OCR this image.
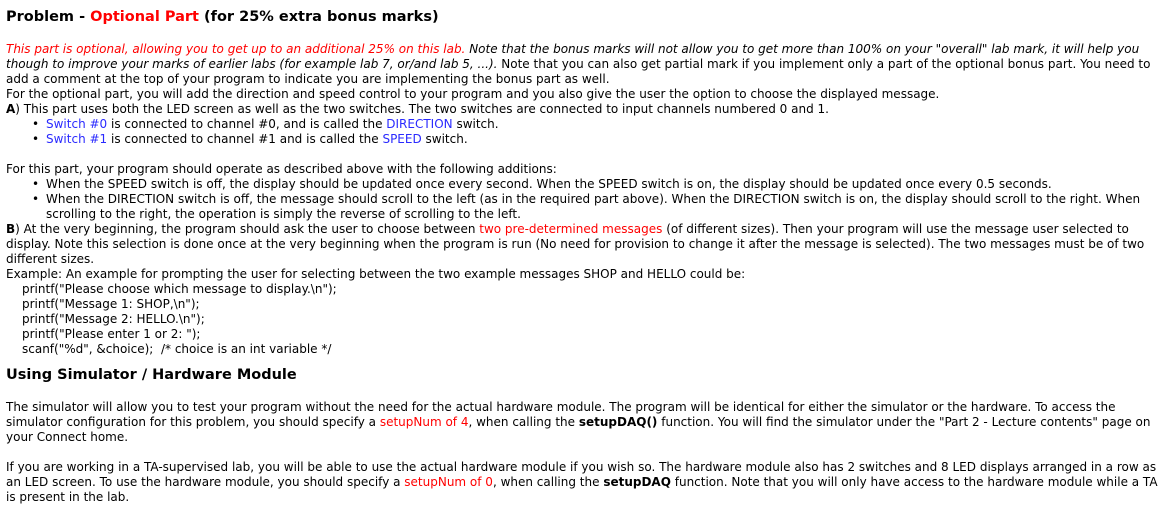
Problem - Optional Part (for 25% extra bonus marks)

This part is optional, allowing you to get up to an additional 25% on this lab. Note that the bonus marks will not allow you to get more than 100% on your "overall" lab mark, it will help you though to improve your marks of earlier labs (for example lab 7, or/and lab 5, ...). Note that you can also get partial mark if you implement only a part of the optional bonus part. You need to add a comment at the top of your program to indicate you are implementing the bonus part as well.

For the optional part, you will add the direction and speed control to your program and you also give the user the option to choose the displayed message.

A) This part uses both the LED screen as well as the two switches. The two switches are connected to input channels numbered 0 and 1.

• Switch #0 is connected to channel #0, and is called the DIRECTION switch.
• Switch #1 is connected to channel #1 and is called the SPEED switch.

For this part, your program should operate as described above with the following additions:

• When the SPEED switch is off, the display should be updated once every second. When the SPEED switch is on, the display should be updated once every 0.5 seconds.
• When the DIRECTION switch is off, the message should scroll to the left (as in the required part above). When the DIRECTION switch is on, the display should scroll to the right. When scrolling to the right, the operation is simply the reverse of scrolling to the left.

B) At the very beginning, the program should ask the user to choose between two pre-determined messages (of different sizes). Then your program will use the message user selected to display. Note this selection is done once at the very beginning when the program is run (No need for provision to change it after the message is selected). The two messages must be of two different sizes.

Example: An example for prompting the user for selecting between the two example messages SHOP and HELLO could be:

printf("Please choose which message to display.\n");
printf("Message 1: SHOP,\n");
printf("Message 2: HELLO.\n");
printf("Please enter 1 or 2: ");
scanf("%d", &choice);  /* choice is an int variable */
Using Simulator / Hardware Module

The simulator will allow you to test your program without the need for the actual hardware module. The program will be identical for either the simulator or the hardware. To access the simulator configuration for this problem, you should specify a setupNum of 4, when calling the setupDAQ() function. You will find the simulator under the "Part 2 - Lecture contents" page on your Connect home.

If you are working in a TA-supervised lab, you will be able to use the actual hardware module if you wish so. The hardware module also has 2 switches and 8 LED displays arranged in a row as an LED screen. To use the hardware module, you should specify a setupNum of 0, when calling the setupDAQ function. Note that you will only have access to the hardware module while a TA is present in the lab.
